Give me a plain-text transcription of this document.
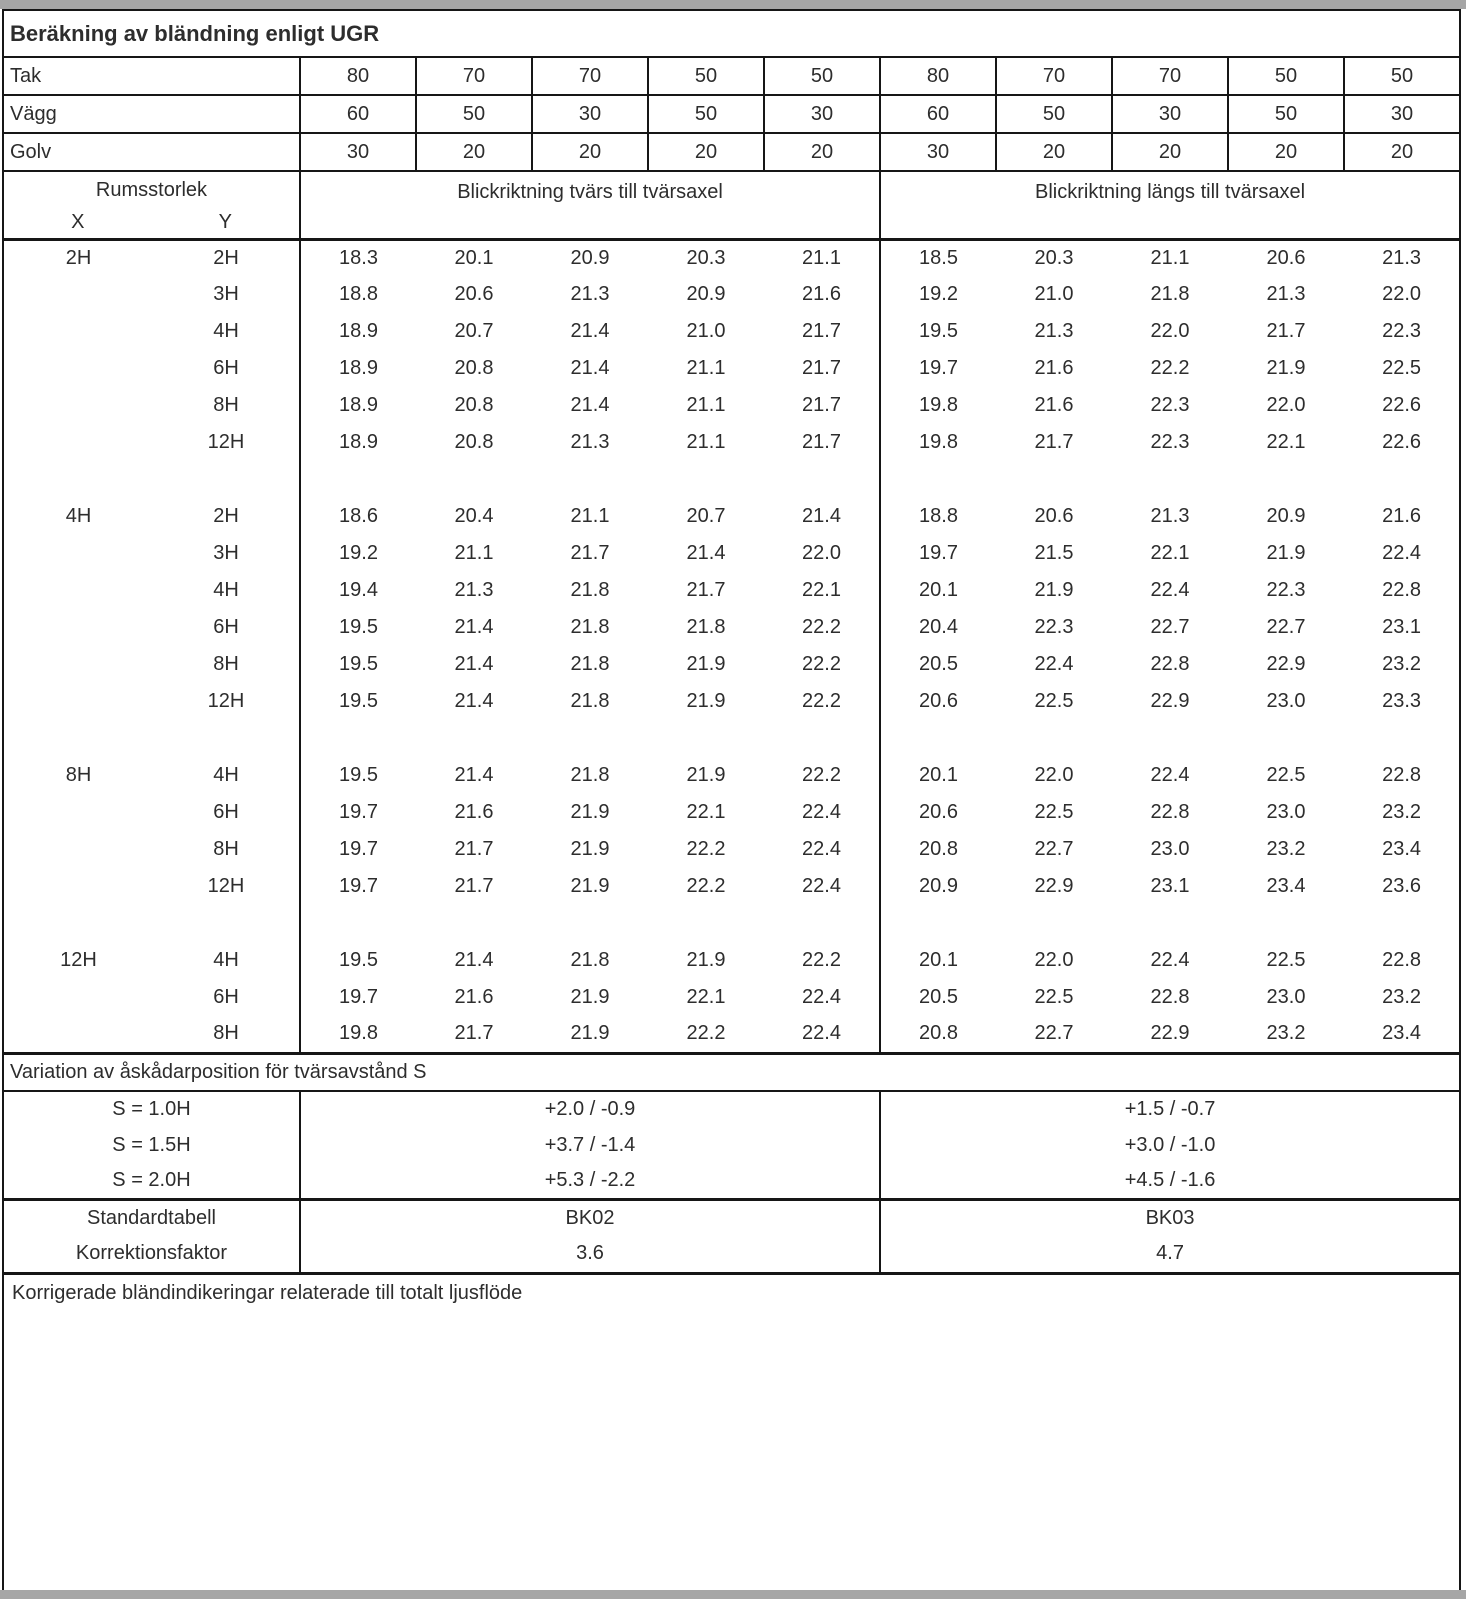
Beräkning av bländning enligt UGR											
Tak		80	70	70	50	50	80	70	70	50	50
Vägg		60	50	30	50	30	60	50	30	50	30
Golv		30	20	20	20	20	30	20	20	20	20

Rumsstorlek
X Y		Blickriktning tvärs till tvärsaxel					Blickriktning längs till tvärsaxel				
2H	2H	18.3	20.1	20.9	20.3	21.1	18.5	20.3	21.1	20.6	21.3
	3H	18.8	20.6	21.3	20.9	21.6	19.2	21.0	21.8	21.3	22.0
	4H	18.9	20.7	21.4	21.0	21.7	19.5	21.3	22.0	21.7	22.3
	6H	18.9	20.8	21.4	21.1	21.7	19.7	21.6	22.2	21.9	22.5
	8H	18.9	20.8	21.4	21.1	21.7	19.8	21.6	22.3	22.0	22.6
	12H	18.9	20.8	21.3	21.1	21.7	19.8	21.7	22.3	22.1	22.6

4H	2H	18.6	20.4	21.1	20.7	21.4	18.8	20.6	21.3	20.9	21.6
	3H	19.2	21.1	21.7	21.4	22.0	19.7	21.5	22.1	21.9	22.4
	4H	19.4	21.3	21.8	21.7	22.1	20.1	21.9	22.4	22.3	22.8
	6H	19.5	21.4	21.8	21.8	22.2	20.4	22.3	22.7	22.7	23.1
	8H	19.5	21.4	21.8	21.9	22.2	20.5	22.4	22.8	22.9	23.2
	12H	19.5	21.4	21.8	21.9	22.2	20.6	22.5	22.9	23.0	23.3

8H	4H	19.5	21.4	21.8	21.9	22.2	20.1	22.0	22.4	22.5	22.8
	6H	19.7	21.6	21.9	22.1	22.4	20.6	22.5	22.8	23.0	23.2
	8H	19.7	21.7	21.9	22.2	22.4	20.8	22.7	23.0	23.2	23.4
	12H	19.7	21.7	21.9	22.2	22.4	20.9	22.9	23.1	23.4	23.6

12H	4H	19.5	21.4	21.8	21.9	22.2	20.1	22.0	22.4	22.5	22.8
	6H	19.7	21.6	21.9	22.1	22.4	20.5	22.5	22.8	23.0	23.2
	8H	19.8	21.7	21.9	22.2	22.4	20.8	22.7	22.9	23.2	23.4
Variation av åskådarposition för tvärsavstånd S											
S = 1.0H		+2.0 / -0.9					+1.5 / -0.7				
S = 1.5H		+3.7 / -1.4					+3.0 / -1.0				
S = 2.0H		+5.3 / -2.2					+4.5 / -1.6				
Standardtabell		BK02					BK03				
Korrektionsfaktor		3.6					4.7				
Korrigerade bländindikeringar relaterade till totalt ljusflöde											
